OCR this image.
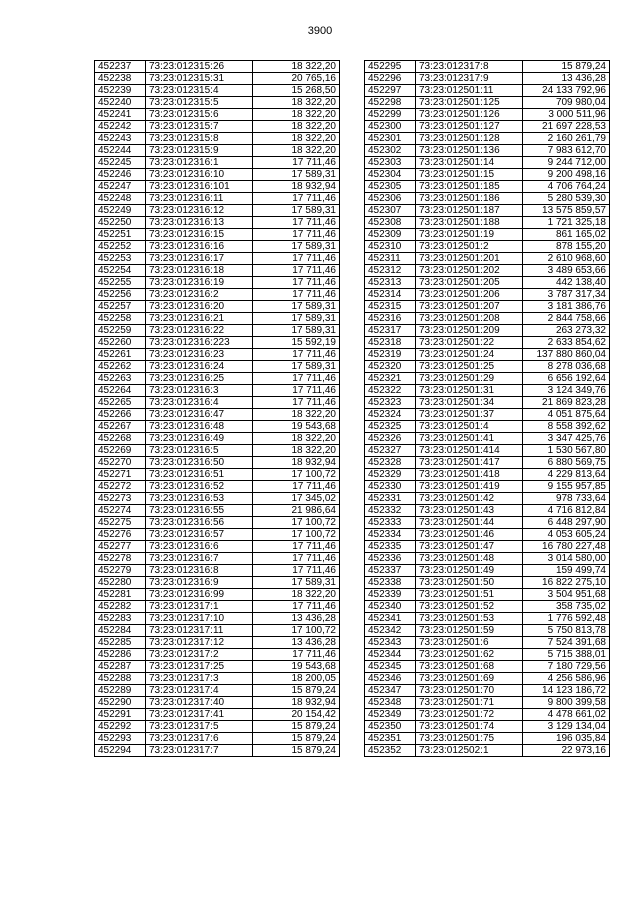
3900
452237	73:23:012315:26	18 322,20
452238	73:23:012315:31	20 765,16
452239	73:23:012315:4	15 268,50
452240	73:23:012315:5	18 322,20
452241	73:23:012315:6	18 322,20
452242	73:23:012315:7	18 322,20
452243	73:23:012315:8	18 322,20
452244	73:23:012315:9	18 322,20
452245	73:23:012316:1	17 711,46
452246	73:23:012316:10	17 589,31
452247	73:23:012316:101	18 932,94
452248	73:23:012316:11	17 711,46
452249	73:23:012316:12	17 589,31
452250	73:23:012316:13	17 711,46
452251	73:23:012316:15	17 711,46
452252	73:23:012316:16	17 589,31
452253	73:23:012316:17	17 711,46
452254	73:23:012316:18	17 711,46
452255	73:23:012316:19	17 711,46
452256	73:23:012316:2	17 711,46
452257	73:23:012316:20	17 589,31
452258	73:23:012316:21	17 589,31
452259	73:23:012316:22	17 589,31
452260	73:23:012316:223	15 592,19
452261	73:23:012316:23	17 711,46
452262	73:23:012316:24	17 589,31
452263	73:23:012316:25	17 711,46
452264	73:23:012316:3	17 711,46
452265	73:23:012316:4	17 711,46
452266	73:23:012316:47	18 322,20
452267	73:23:012316:48	19 543,68
452268	73:23:012316:49	18 322,20
452269	73:23:012316:5	18 322,20
452270	73:23:012316:50	18 932,94
452271	73:23:012316:51	17 100,72
452272	73:23:012316:52	17 711,46
452273	73:23:012316:53	17 345,02
452274	73:23:012316:55	21 986,64
452275	73:23:012316:56	17 100,72
452276	73:23:012316:57	17 100,72
452277	73:23:012316:6	17 711,46
452278	73:23:012316:7	17 711,46
452279	73:23:012316:8	17 711,46
452280	73:23:012316:9	17 589,31
452281	73:23:012316:99	18 322,20
452282	73:23:012317:1	17 711,46
452283	73:23:012317:10	13 436,28
452284	73:23:012317:11	17 100,72
452285	73:23:012317:12	13 436,28
452286	73:23:012317:2	17 711,46
452287	73:23:012317:25	19 543,68
452288	73:23:012317:3	18 200,05
452289	73:23:012317:4	15 879,24
452290	73:23:012317:40	18 932,94
452291	73:23:012317:41	20 154,42
452292	73:23:012317:5	15 879,24
452293	73:23:012317:6	15 879,24
452294	73:23:012317:7	15 879,24
452295	73:23:012317:8	15 879,24
452296	73:23:012317:9	13 436,28
452297	73:23:012501:11	24 133 792,96
452298	73:23:012501:125	709 980,04
452299	73:23:012501:126	3 000 511,96
452300	73:23:012501:127	21 697 228,53
452301	73:23:012501:128	2 160 261,79
452302	73:23:012501:136	7 983 612,70
452303	73:23:012501:14	9 244 712,00
452304	73:23:012501:15	9 200 498,16
452305	73:23:012501:185	4 706 764,24
452306	73:23:012501:186	5 280 539,30
452307	73:23:012501:187	13 575 859,57
452308	73:23:012501:188	1 721 325,18
452309	73:23:012501:19	861 165,02
452310	73:23:012501:2	878 155,20
452311	73:23:012501:201	2 610 968,60
452312	73:23:012501:202	3 489 653,66
452313	73:23:012501:205	442 138,40
452314	73:23:012501:206	3 787 317,34
452315	73:23:012501:207	3 181 386,76
452316	73:23:012501:208	2 844 758,66
452317	73:23:012501:209	263 273,32
452318	73:23:012501:22	2 633 854,62
452319	73:23:012501:24	137 880 860,04
452320	73:23:012501:25	8 278 036,68
452321	73:23:012501:29	6 656 192,64
452322	73:23:012501:31	3 124 349,76
452323	73:23:012501:34	21 869 823,28
452324	73:23:012501:37	4 051 875,64
452325	73:23:012501:4	8 558 392,62
452326	73:23:012501:41	3 347 425,76
452327	73:23:012501:414	1 530 567,80
452328	73:23:012501:417	6 880 569,75
452329	73:23:012501:418	4 229 813,64
452330	73:23:012501:419	9 155 957,85
452331	73:23:012501:42	978 733,64
452332	73:23:012501:43	4 716 812,84
452333	73:23:012501:44	6 448 297,90
452334	73:23:012501:46	4 053 605,24
452335	73:23:012501:47	16 780 227,48
452336	73:23:012501:48	3 014 580,00
452337	73:23:012501:49	159 499,74
452338	73:23:012501:50	16 822 275,10
452339	73:23:012501:51	3 504 951,68
452340	73:23:012501:52	358 735,02
452341	73:23:012501:53	1 776 592,48
452342	73:23:012501:59	5 750 813,78
452343	73:23:012501:6	7 524 391,68
452344	73:23:012501:62	5 715 388,01
452345	73:23:012501:68	7 180 729,56
452346	73:23:012501:69	4 256 586,96
452347	73:23:012501:70	14 123 186,72
452348	73:23:012501:71	9 800 399,58
452349	73:23:012501:72	4 478 661,02
452350	73:23:012501:74	3 129 134,04
452351	73:23:012501:75	196 035,84
452352	73:23:012502:1	22 973,16
